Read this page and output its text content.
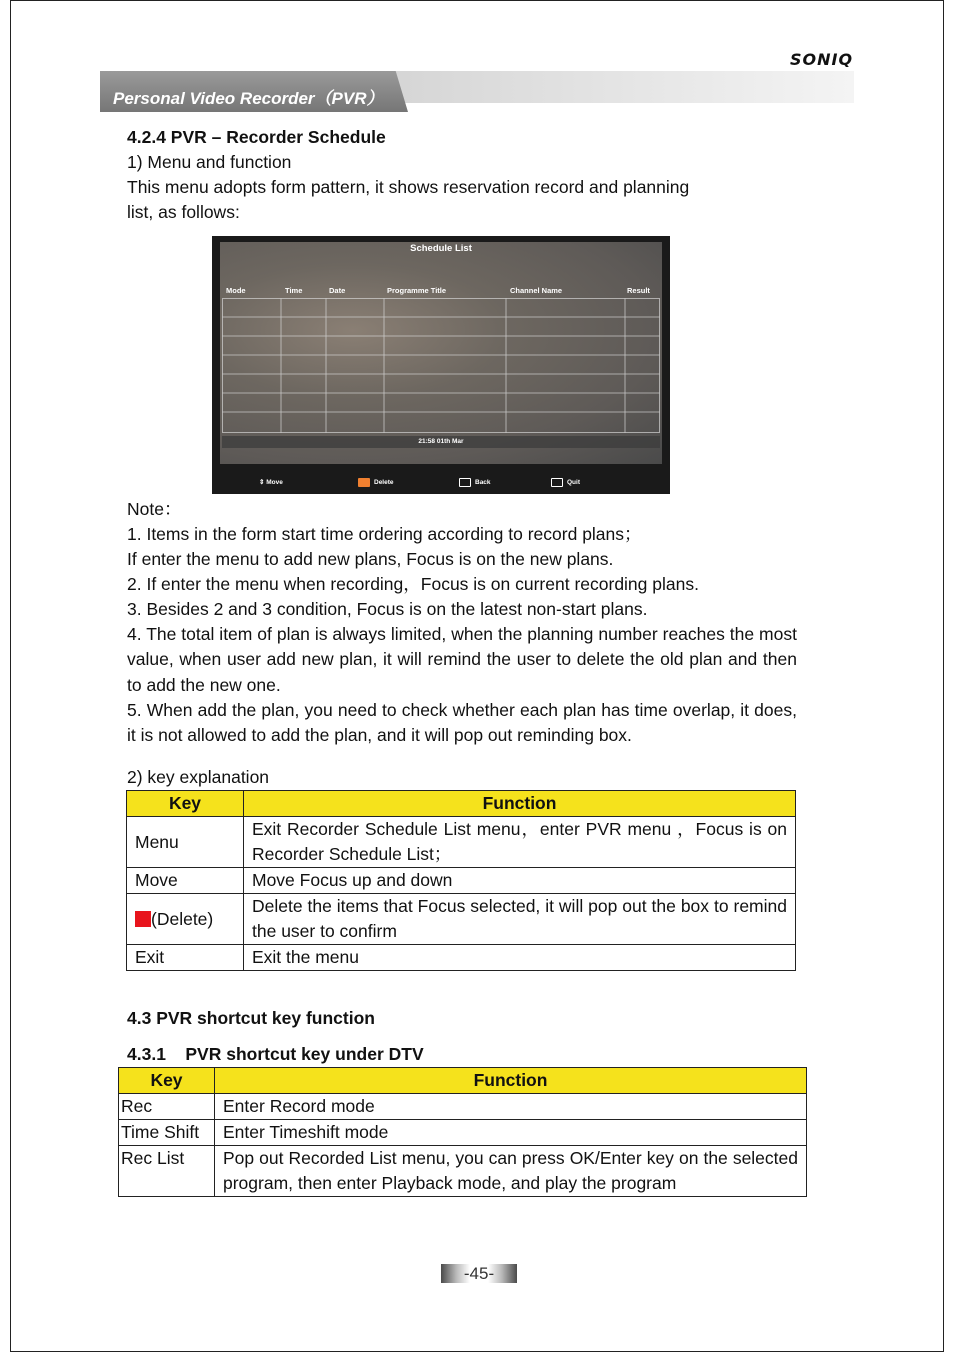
SONIQ
Personal Video Recorder（PVR）
4.2.4 PVR – Recorder Schedule
1) Menu and function
This menu adopts form pattern, it shows reservation record and planning
list, as follows:
Schedule List
Mode	Time	Date	Programme Title	Channel Name	Result
21:58 01th Mar
⇕ Move	Delete	Back	Quit
Note：
1. Items in the form start time ordering according to record plans；
If enter the menu to add new plans, Focus is on the new plans.
2. If enter the menu when recording，Focus is on current recording plans.
3. Besides 2 and 3 condition, Focus is on the latest non-start plans.
4. The total item of plan is always limited, when the planning number reaches the most value, when user add new plan, it will remind the user to delete the old plan and then to add the new one.
5. When add the plan, you need to check whether each plan has time overlap, it does, it is not allowed to add the plan, and it will pop out reminding box.
2) key explanation
Key	Function
Menu	Exit Recorder Schedule List menu，enter PVR menu ，Focus is on Recorder Schedule List；
Move	Move Focus up and down
(Delete)	Delete the items that Focus selected, it will pop out the box to remind the user to confirm
Exit	Exit the menu
4.3 PVR shortcut key function
4.3.1    PVR shortcut key under DTV
Key	Function
Rec	Enter Record mode
Time Shift	Enter Timeshift mode
Rec List	Pop out Recorded List menu, you can press OK/Enter key on the selected program, then enter Playback mode, and play the program
-45-
